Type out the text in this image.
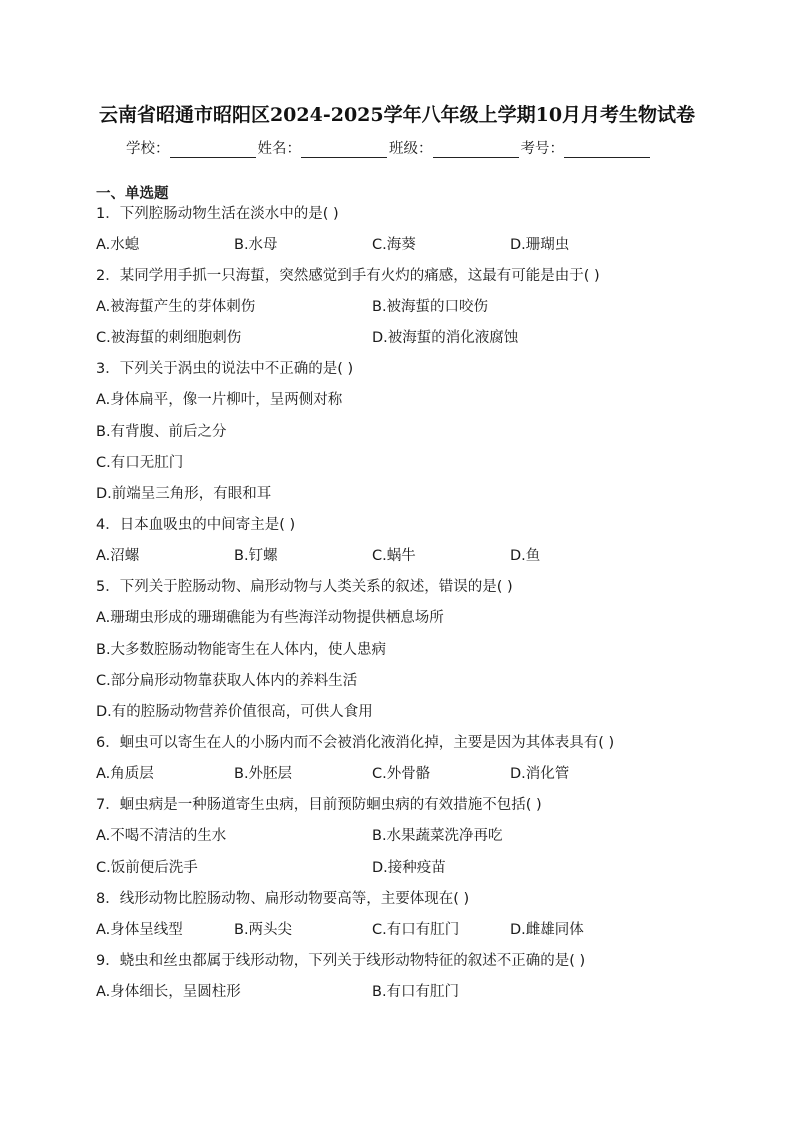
云南省昭通市昭阳区2024-2025学年八年级上学期10月月考生物试卷
学校：	姓名：	班级：	考号：
一、单选题
1．下列腔肠动物生活在淡水中的是( )
A.水螅	B.水母	C.海葵	D.珊瑚虫
2．某同学用手抓一只海蜇，突然感觉到手有火灼的痛感，这最有可能是由于( )
A.被海蜇产生的芽体刺伤	B.被海蜇的口咬伤
C.被海蜇的刺细胞刺伤	D.被海蜇的消化液腐蚀
3．下列关于涡虫的说法中不正确的是( )
A.身体扁平，像一片柳叶，呈两侧对称
B.有背腹、前后之分
C.有口无肛门
D.前端呈三角形，有眼和耳
4．日本血吸虫的中间寄主是( )
A.沼螺	B.钉螺	C.蜗牛	D.鱼
5．下列关于腔肠动物、扁形动物与人类关系的叙述，错误的是( )
A.珊瑚虫形成的珊瑚礁能为有些海洋动物提供栖息场所
B.大多数腔肠动物能寄生在人体内，使人患病
C.部分扁形动物靠获取人体内的养料生活
D.有的腔肠动物营养价值很高，可供人食用
6．蛔虫可以寄生在人的小肠内而不会被消化液消化掉，主要是因为其体表具有( )
A.角质层	B.外胚层	C.外骨骼	D.消化管
7．蛔虫病是一种肠道寄生虫病，目前预防蛔虫病的有效措施不包括( )
A.不喝不清洁的生水	B.水果蔬菜洗净再吃
C.饭前便后洗手	D.接种疫苗
8．线形动物比腔肠动物、扁形动物要高等，主要体现在( )
A.身体呈线型	B.两头尖	C.有口有肛门	D.雌雄同体
9．蛲虫和丝虫都属于线形动物，下列关于线形动物特征的叙述不正确的是( )
A.身体细长，呈圆柱形	B.有口有肛门
